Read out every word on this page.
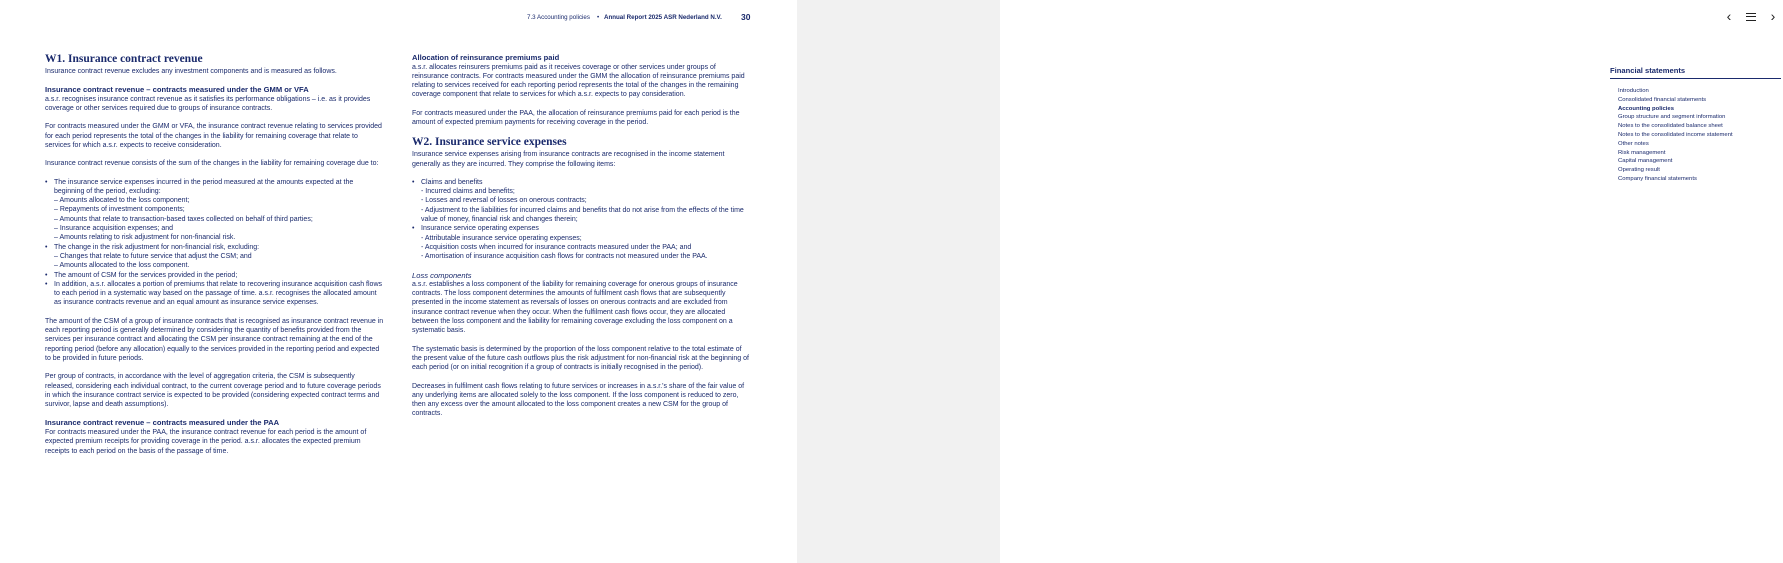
7.3 Accounting policies • Annual Report 2025 ASR Nederland N.V. 30
W1. Insurance contract revenue

Insurance contract revenue excludes any investment components and is measured as follows.

Insurance contract revenue – contracts measured under the GMM or VFA

a.s.r. recognises insurance contract revenue as it satisfies its performance obligations – i.e. as it provides coverage or other services required due to groups of insurance contracts.

For contracts measured under the GMM or VFA, the insurance contract revenue relating to services provided for each period represents the total of the changes in the liability for remaining coverage that relate to services for which a.s.r. expects to receive consideration.

Insurance contract revenue consists of the sum of the changes in the liability for remaining coverage due to:

• The insurance service expenses incurred in the period measured at the amounts expected at the beginning of the period, excluding:
– Amounts allocated to the loss component;
– Repayments of investment components;
– Amounts that relate to transaction-based taxes collected on behalf of third parties;
– Insurance acquisition expenses; and
– Amounts relating to risk adjustment for non-financial risk.
• The change in the risk adjustment for non-financial risk, excluding:
– Changes that relate to future service that adjust the CSM; and
– Amounts allocated to the loss component.
• The amount of CSM for the services provided in the period;
• In addition, a.s.r. allocates a portion of premiums that relate to recovering insurance acquisition cash flows to each period in a systematic way based on the passage of time. a.s.r. recognises the allocated amount as insurance contracts revenue and an equal amount as insurance service expenses.

The amount of the CSM of a group of insurance contracts that is recognised as insurance contract revenue in each reporting period is generally determined by considering the quantity of benefits provided from the services per insurance contract and allocating the CSM per insurance contract remaining at the end of the reporting period (before any allocation) equally to the services provided in the reporting period and expected to be provided in future periods.

Per group of contracts, in accordance with the level of aggregation criteria, the CSM is subsequently released, considering each individual contract, to the current coverage period and to future coverage periods in which the insurance contract service is expected to be provided (considering expected contract terms and survivor, lapse and death assumptions).

Insurance contract revenue – contracts measured under the PAA

For contracts measured under the PAA, the insurance contract revenue for each period is the amount of expected premium receipts for providing coverage in the period. a.s.r. allocates the expected premium receipts to each period on the basis of the passage of time.

Allocation of reinsurance premiums paid

a.s.r. allocates reinsurers premiums paid as it receives coverage or other services under groups of reinsurance contracts. For contracts measured under the GMM the allocation of reinsurance premiums paid relating to services received for each reporting period represents the total of the changes in the remaining coverage component that relate to services for which a.s.r. expects to pay consideration.

For contracts measured under the PAA, the allocation of reinsurance premiums paid for each period is the amount of expected premium payments for receiving coverage in the period.

W2. Insurance service expenses

Insurance service expenses arising from insurance contracts are recognised in the income statement generally as they are incurred. They comprise the following items:

• Claims and benefits
- Incurred claims and benefits;
- Losses and reversal of losses on onerous contracts;
- Adjustment to the liabilities for incurred claims and benefits that do not arise from the effects of the time value of money, financial risk and changes therein;
• Insurance service operating expenses
- Attributable insurance service operating expenses;
- Acquisition costs when incurred for insurance contracts measured under the PAA; and
- Amortisation of insurance acquisition cash flows for contracts not measured under the PAA.
Loss components

a.s.r. establishes a loss component of the liability for remaining coverage for onerous groups of insurance contracts. The loss component determines the amounts of fulfilment cash flows that are subsequently presented in the income statement as reversals of losses on onerous contracts and are excluded from insurance contract revenue when they occur. When the fulfilment cash flows occur, they are allocated between the loss component and the liability for remaining coverage excluding the loss component on a systematic basis.

The systematic basis is determined by the proportion of the loss component relative to the total estimate of the present value of the future cash outflows plus the risk adjustment for non-financial risk at the beginning of each period (or on initial recognition if a group of contracts is initially recognised in the period).

Decreases in fulfilment cash flows relating to future services or increases in a.s.r.'s share of the fair value of any underlying items are allocated solely to the loss component. If the loss component is reduced to zero, then any excess over the amount allocated to the loss component creates a new CSM for the group of contracts.

‹	›
Financial statements
Introduction
Consolidated financial statements
Accounting policies
Group structure and segment information
Notes to the consolidated balance sheet
Notes to the consolidated income statement
Other notes
Risk management
Capital management
Operating result
Company financial statements
